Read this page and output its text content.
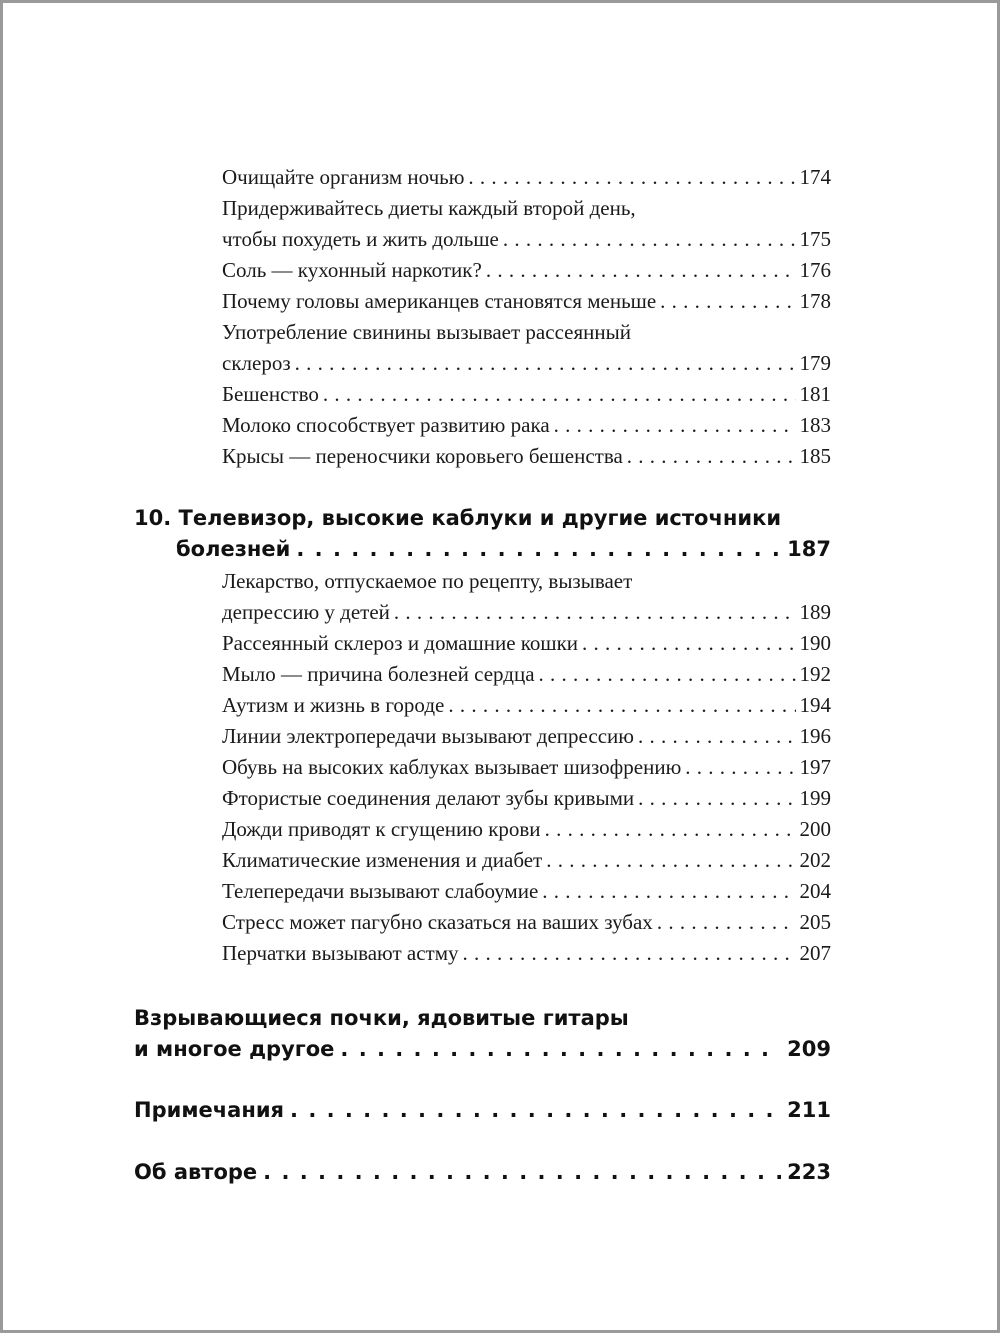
Очищайте организм ночью . . .	174
Придерживайтесь диеты каждый второй день,
чтобы похудеть и жить дольше . . .	175
Соль — кухонный наркотик? . . .	176
Почему головы американцев становятся меньше . . .	178
Употребление свинины вызывает рассеянный
склероз . . .	179
Бешенство . . .	181
Молоко способствует развитию рака . . .	183
Крысы — переносчики коровьего бешенства . . .	185
10. Телевизор, высокие каблуки и другие источники
болезней . . .	187
Лекарство, отпускаемое по рецепту, вызывает
депрессию у детей . . .	189
Рассеянный склероз и домашние кошки . . .	190
Мыло — причина болезней сердца . . .	192
Аутизм и жизнь в городе . . .	194
Линии электропередачи вызывают депрессию . . .	196
Обувь на высоких каблуках вызывает шизофрению . . .	197
Фтористые соединения делают зубы кривыми . . .	199
Дожди приводят к сгущению крови . . .	200
Климатические изменения и диабет . . .	202
Телепередачи вызывают слабоумие . . .	204
Стресс может пагубно сказаться на ваших зубах . . .	205
Перчатки вызывают астму . . .	207
Взрывающиеся почки, ядовитые гитары
и многое другое . . .	209
Примечания . . .	211
Об авторе . . .	223
